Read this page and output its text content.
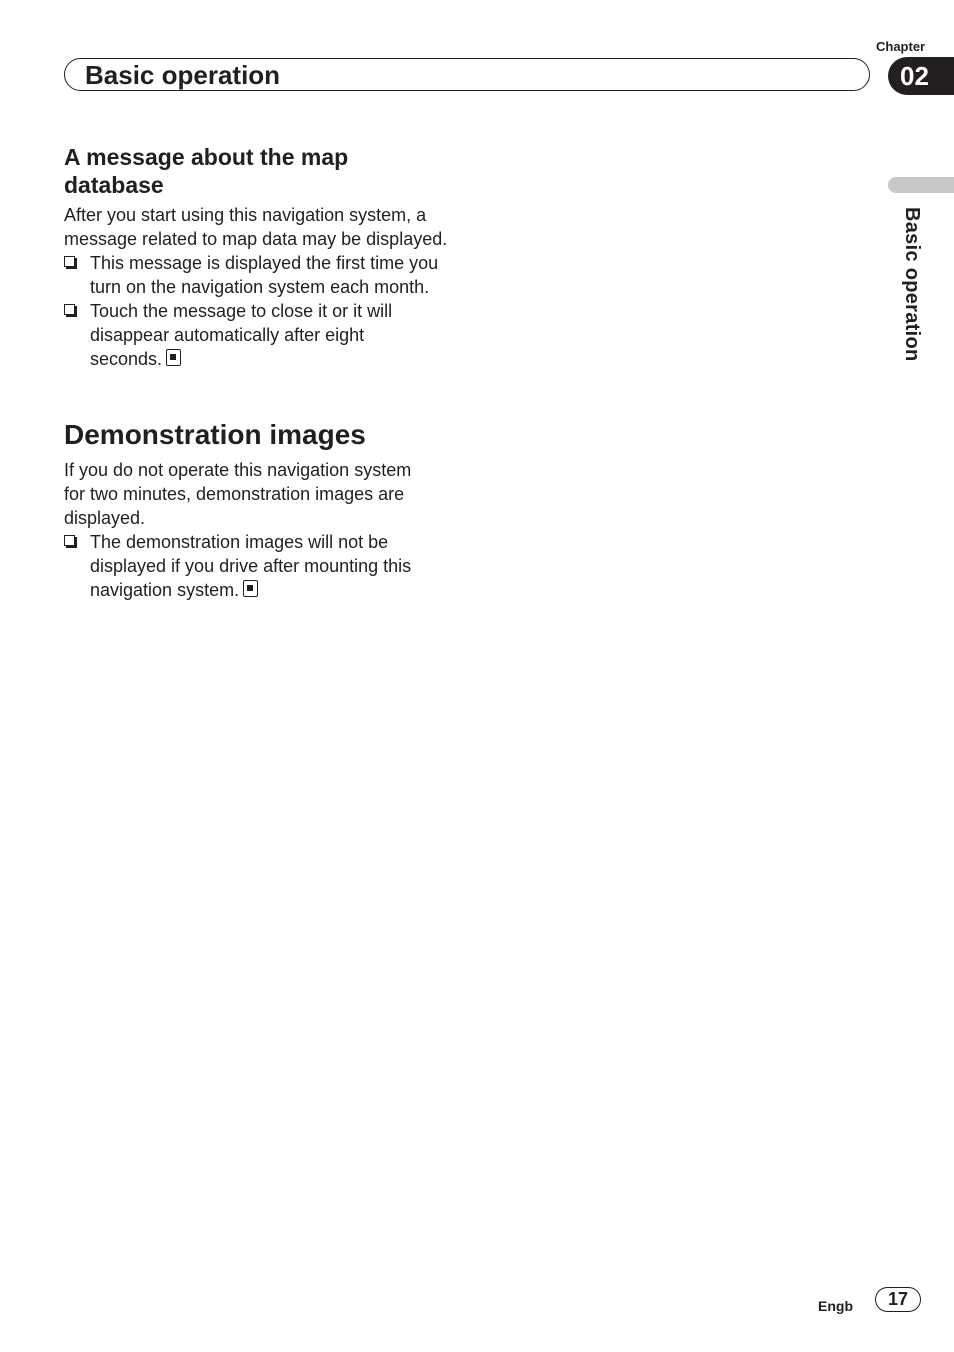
Chapter
Basic operation	02
Basic operation
A message about the map database

After you start using this navigation system, a message related to map data may be displayed.

This message is displayed the first time you turn on the navigation system each month.
Touch the message to close it or it will disappear automatically after eight seconds.
Demonstration images

If you do not operate this navigation system for two minutes, demonstration images are displayed.

The demonstration images will not be displayed if you drive after mounting this navigation system.
Engb	17
